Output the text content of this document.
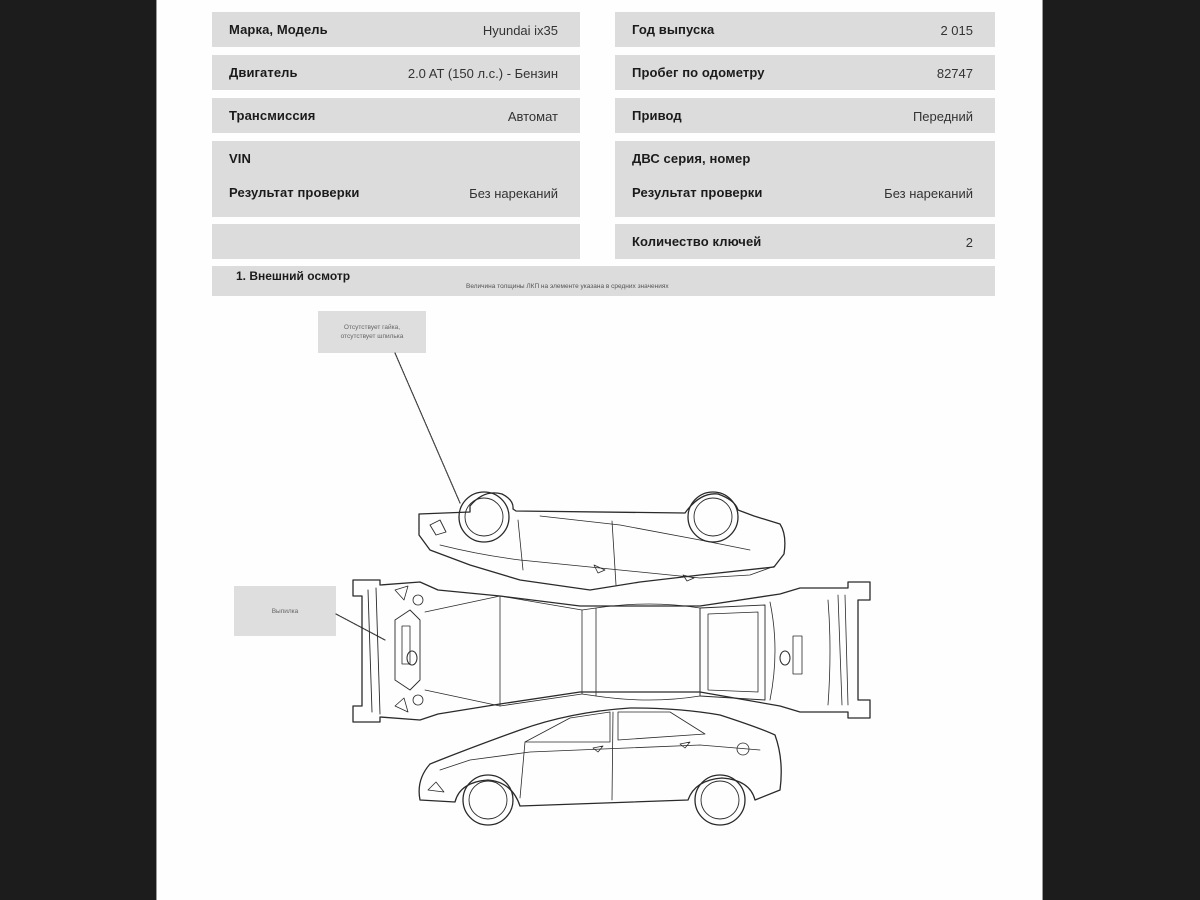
Марка, Модель	Hyundai ix35
Двигатель	2.0 AT (150 л.с.) - Бензин
Трансмиссия	Автомат
VIN
Результат проверки	Без нареканий
Год выпуска	2 015
Пробег по одометру	82747
Привод	Передний
ДВС серия, номер
Результат проверки	Без нареканий
Количество ключей	2
1. Внешний осмотр
Величина толщины ЛКП на элементе указана в средних значениях
Отсутствует гайка, отсутствует шпилька
Выпилка
